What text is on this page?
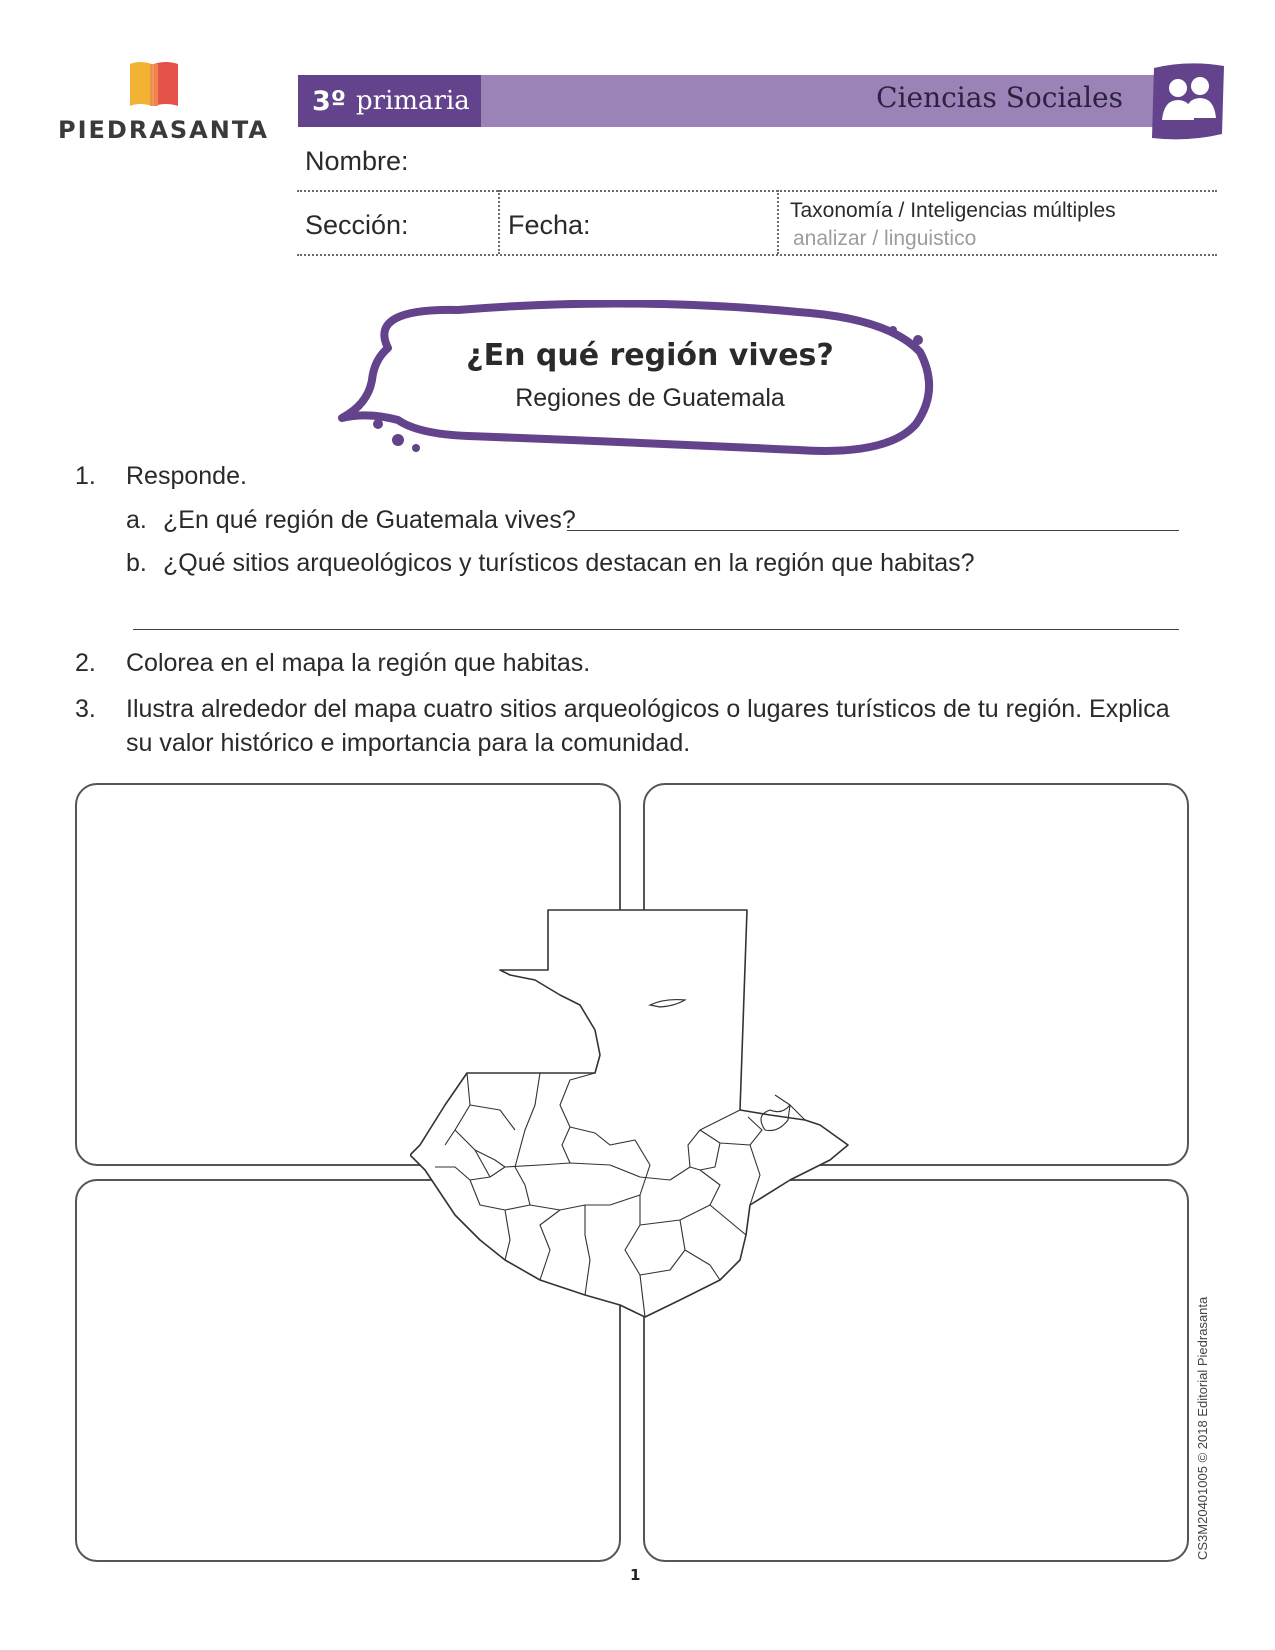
PIEDRASANTA
3º primaria	Ciencias Sociales
Nombre:
Sección:	Fecha:	Taxonomía / Inteligencias múltiples
analizar / linguistico
¿En qué región vives?
Regiones de Guatemala
1. Responde.
a. ¿En qué región de Guatemala vives?
b. ¿Qué sitios arqueológicos y turísticos destacan en la región que habitas?
2. Colorea en el mapa la región que habitas.
3. Ilustra alrededor del mapa cuatro sitios arqueológicos o lugares turísticos de tu región. Explica
su valor histórico e importancia para la comunidad.
CS3M20401005 © 2018 Editorial Piedrasanta
1
